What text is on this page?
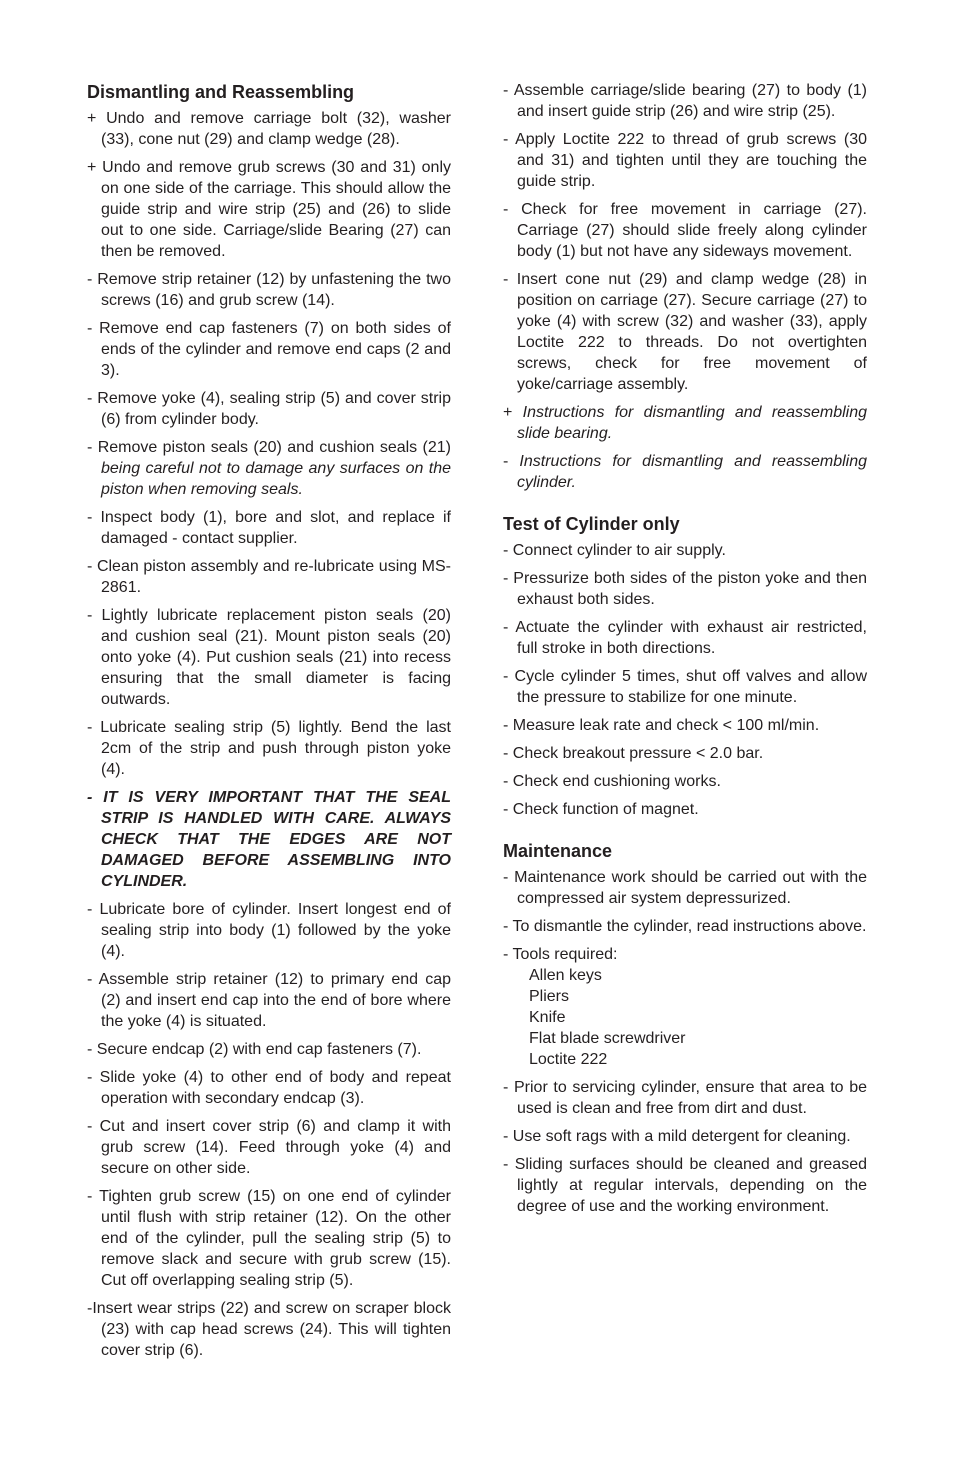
Dismantling and Reassembling

+ Undo and remove carriage bolt (32), washer (33), cone nut (29) and clamp wedge (28).

+ Undo and remove grub screws (30 and 31) only on one side of the carriage. This should allow the guide strip and wire strip (25) and (26) to slide out to one side. Carriage/slide Bearing (27) can then be removed.

- Remove strip retainer (12) by unfastening the two screws (16) and grub screw (14).

- Remove end cap fasteners (7) on both sides of ends of the cylinder and remove end caps (2 and 3).

- Remove yoke (4), sealing strip (5) and cover strip (6) from cylinder body.

- Remove piston seals (20) and cushion seals (21) being careful not to damage any surfaces on the piston when removing seals.

- Inspect body (1), bore and slot, and replace if damaged - contact supplier.

- Clean piston assembly and re-lubricate using MS-2861.

- Lightly lubricate replacement piston seals (20) and cushion seal (21). Mount piston seals (20) onto yoke (4). Put cushion seals (21) into recess ensuring that the small diameter is facing outwards.

- Lubricate sealing strip (5) lightly. Bend the last 2cm of the strip and push through piston yoke (4).

- IT IS VERY IMPORTANT THAT THE SEAL STRIP IS HANDLED WITH CARE. ALWAYS CHECK THAT THE EDGES ARE NOT DAMAGED BEFORE ASSEMBLING INTO CYLINDER.

- Lubricate bore of cylinder. Insert longest end of sealing strip into body (1) followed by the yoke (4).

- Assemble strip retainer (12) to primary end cap (2) and insert end cap into the end of bore where the yoke (4) is situated.

- Secure endcap (2) with end cap fasteners (7).

- Slide yoke (4) to other end of body and repeat operation with secondary endcap (3).

- Cut and insert cover strip (6) and clamp it with grub screw (14). Feed through yoke (4) and secure on other side.

- Tighten grub screw (15) on one end of cylinder until flush with strip retainer (12). On the other end of the cylinder, pull the sealing strip (5) to remove slack and secure with grub screw (15). Cut off overlapping sealing strip (5).

-Insert wear strips (22) and screw on scraper block (23) with cap head screws (24). This will tighten cover strip (6).

- Assemble carriage/slide bearing (27) to body (1) and insert guide strip (26) and wire strip (25).

- Apply Loctite 222 to thread of grub screws (30 and 31) and tighten until they are touching the guide strip.

- Check for free movement in carriage (27). Carriage (27) should slide freely along cylinder body (1) but not have any sideways movement.

- Insert cone nut (29) and clamp wedge (28) in position on carriage (27). Secure carriage (27) to yoke (4) with screw (32) and washer (33), apply Loctite 222 to threads. Do not overtighten screws, check for free movement of yoke/carriage assembly.

+ Instructions for dismantling and reassembling slide bearing.

- Instructions for dismantling and reassembling cylinder.

Test of Cylinder only

- Connect cylinder to air supply.

- Pressurize both sides of the piston yoke and then exhaust both sides.

- Actuate the cylinder with exhaust air restricted, full stroke in both directions.

- Cycle cylinder 5 times, shut off valves and allow the pressure to stabilize for one minute.

- Measure leak rate and check < 100 ml/min.

- Check breakout pressure < 2.0 bar.

- Check end cushioning works.

- Check function of magnet.

Maintenance

- Maintenance work should be carried out with the compressed air system depressurized.

- To dismantle the cylinder, read instructions above.

- Tools required:

Allen keys
Pliers
Knife
Flat blade screwdriver
Loctite 222

- Prior to servicing cylinder, ensure that area to be used is clean and free from dirt and dust.

- Use soft rags with a mild detergent for cleaning.

- Sliding surfaces should be cleaned and greased lightly at regular intervals, depending on the degree of use and the working environment.
